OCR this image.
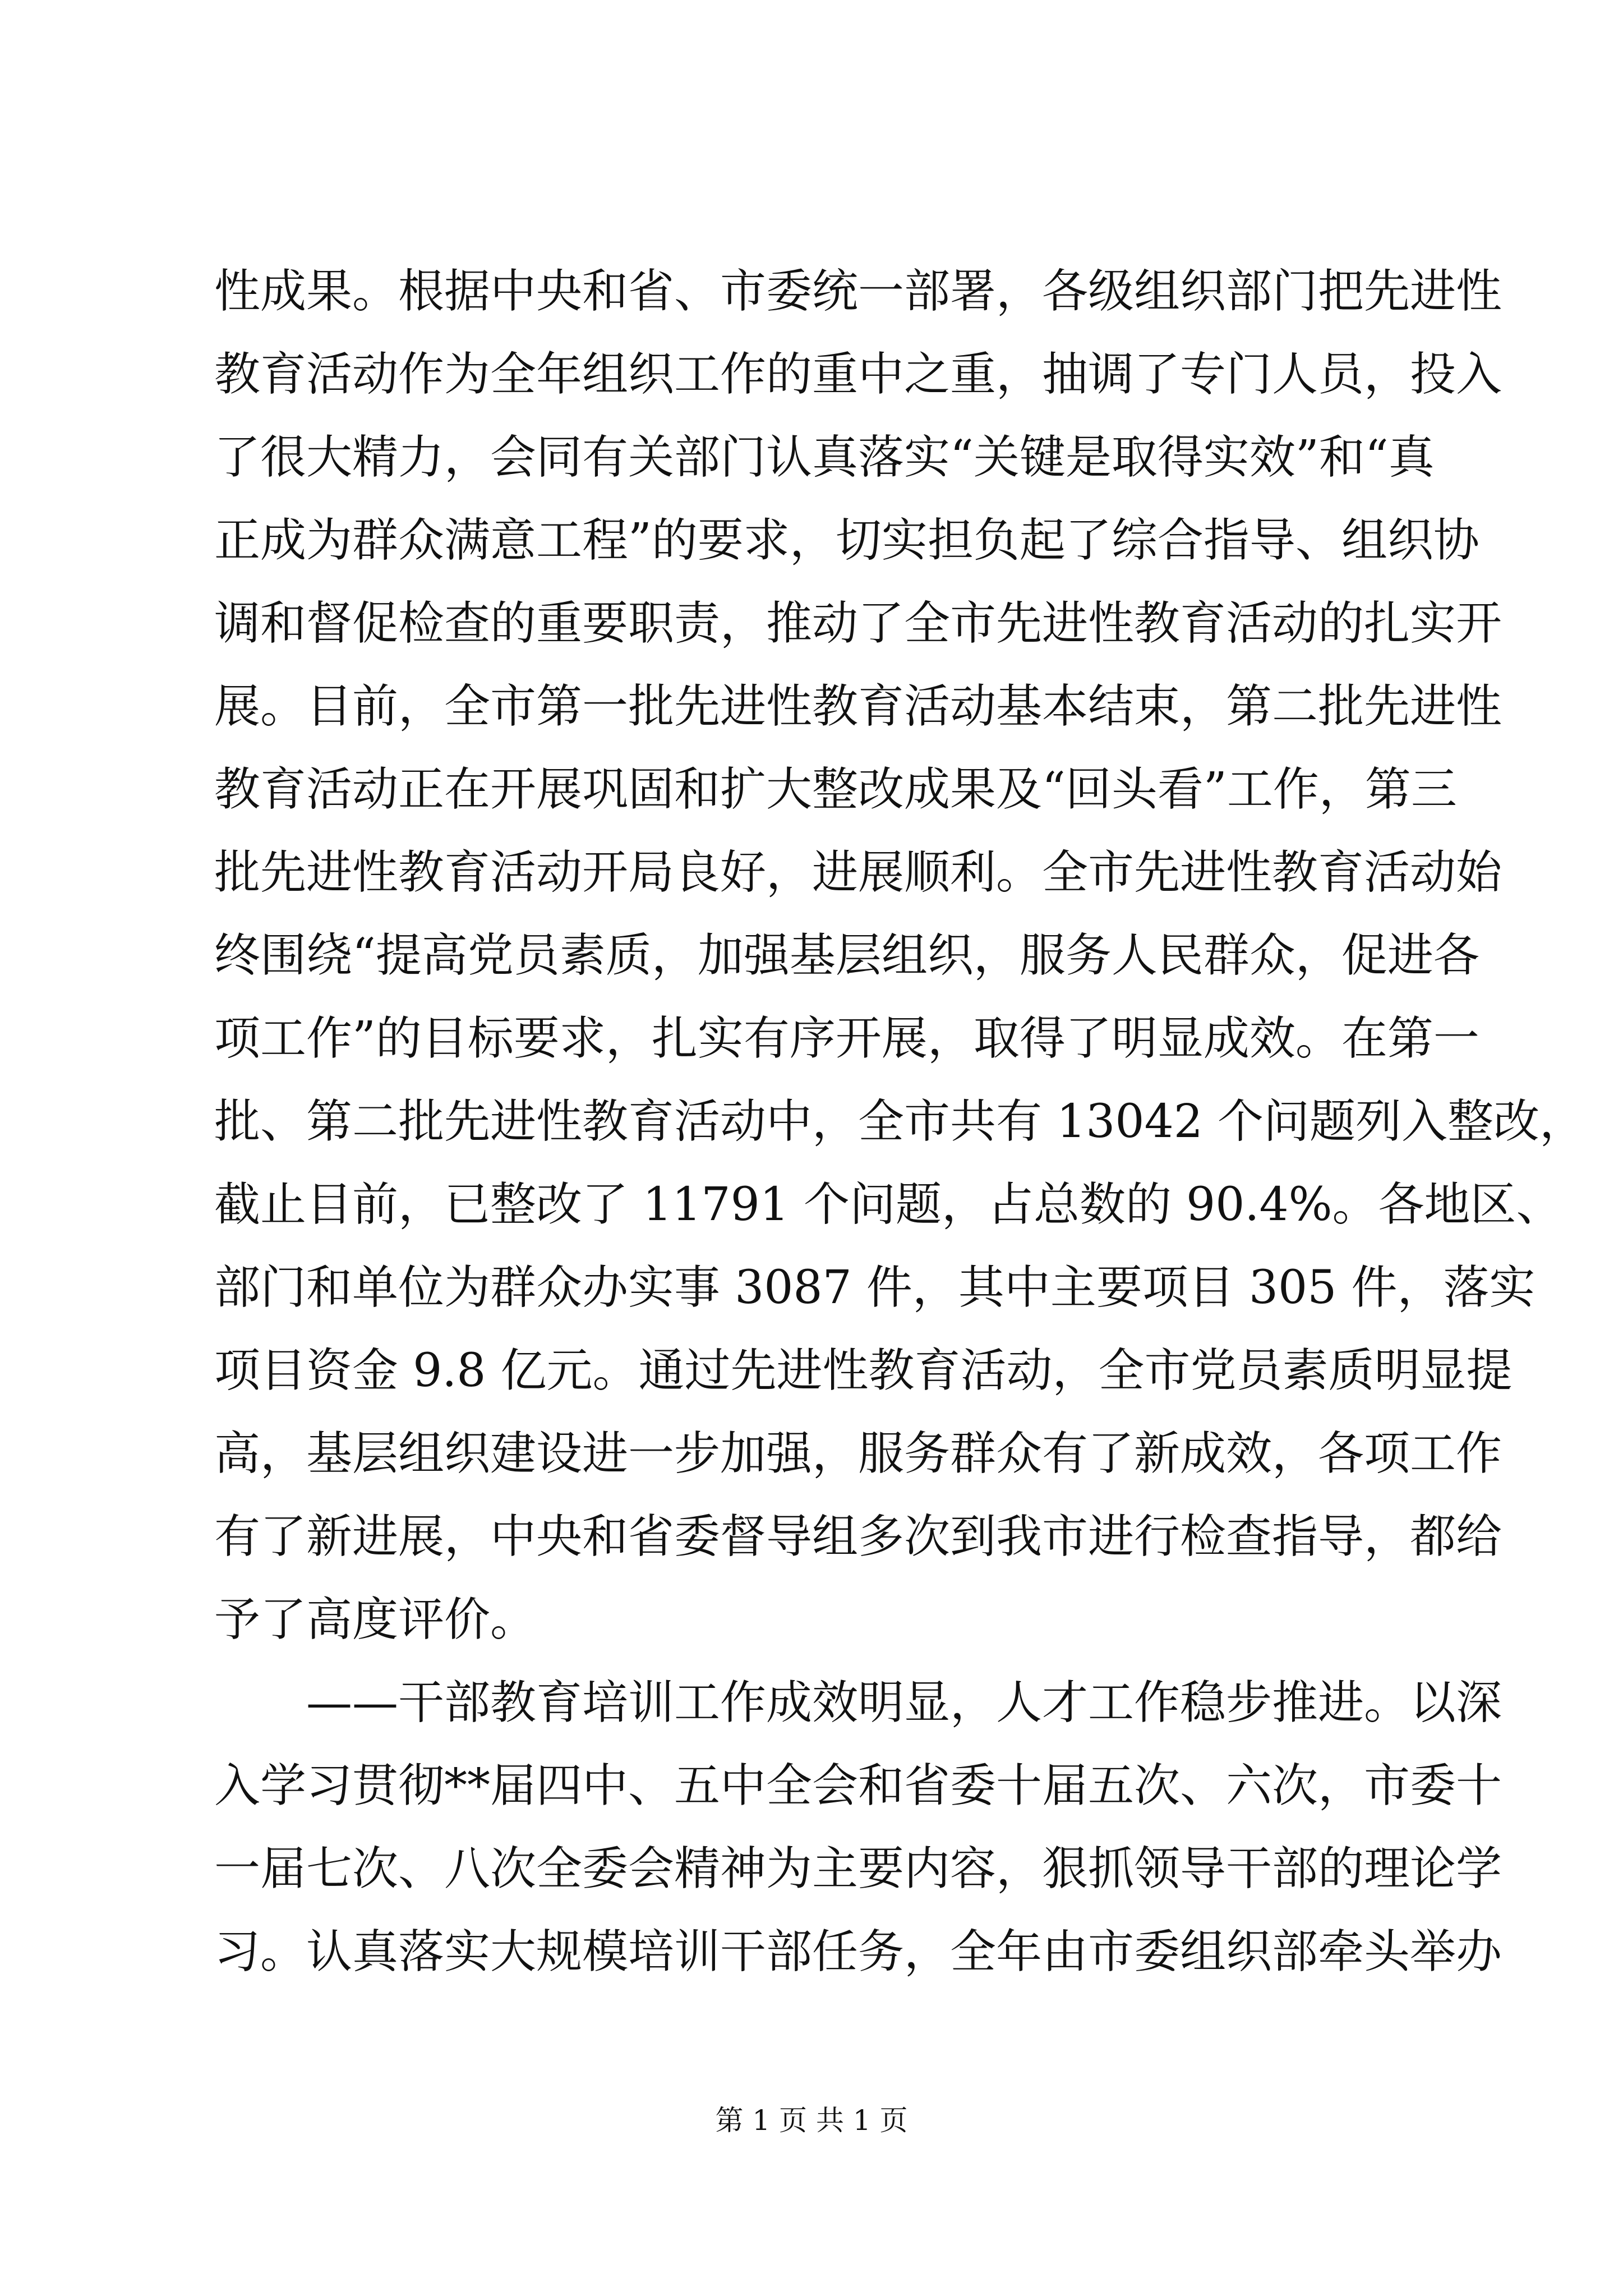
性成果。根据中央和省、市委统一部署，各级组织部门把先进性
教育活动作为全年组织工作的重中之重，抽调了专门人员，投入
了很大精力，会同有关部门认真落实“关键是取得实效”和“真
正成为群众满意工程”的要求，切实担负起了综合指导、组织协
调和督促检查的重要职责，推动了全市先进性教育活动的扎实开
展。目前，全市第一批先进性教育活动基本结束，第二批先进性
教育活动正在开展巩固和扩大整改成果及“回头看”工作，第三
批先进性教育活动开局良好，进展顺利。全市先进性教育活动始
终围绕“提高党员素质，加强基层组织，服务人民群众，促进各
项工作”的目标要求，扎实有序开展，取得了明显成效。在第一
批、第二批先进性教育活动中，全市共有 13042 个问题列入整改，
截止目前，已整改了 11791 个问题，占总数的 90.4%。各地区、
部门和单位为群众办实事 3087 件，其中主要项目 305 件，落实
项目资金 9.8 亿元。通过先进性教育活动，全市党员素质明显提
高，基层组织建设进一步加强，服务群众有了新成效，各项工作
有了新进展，中央和省委督导组多次到我市进行检查指导，都给
予了高度评价。
——干部教育培训工作成效明显，人才工作稳步推进。以深
入学习贯彻**届四中、五中全会和省委十届五次、六次，市委十
一届七次、八次全委会精神为主要内容，狠抓领导干部的理论学
习。认真落实大规模培训干部任务，全年由市委组织部牵头举办
第 1 页 共 1 页
